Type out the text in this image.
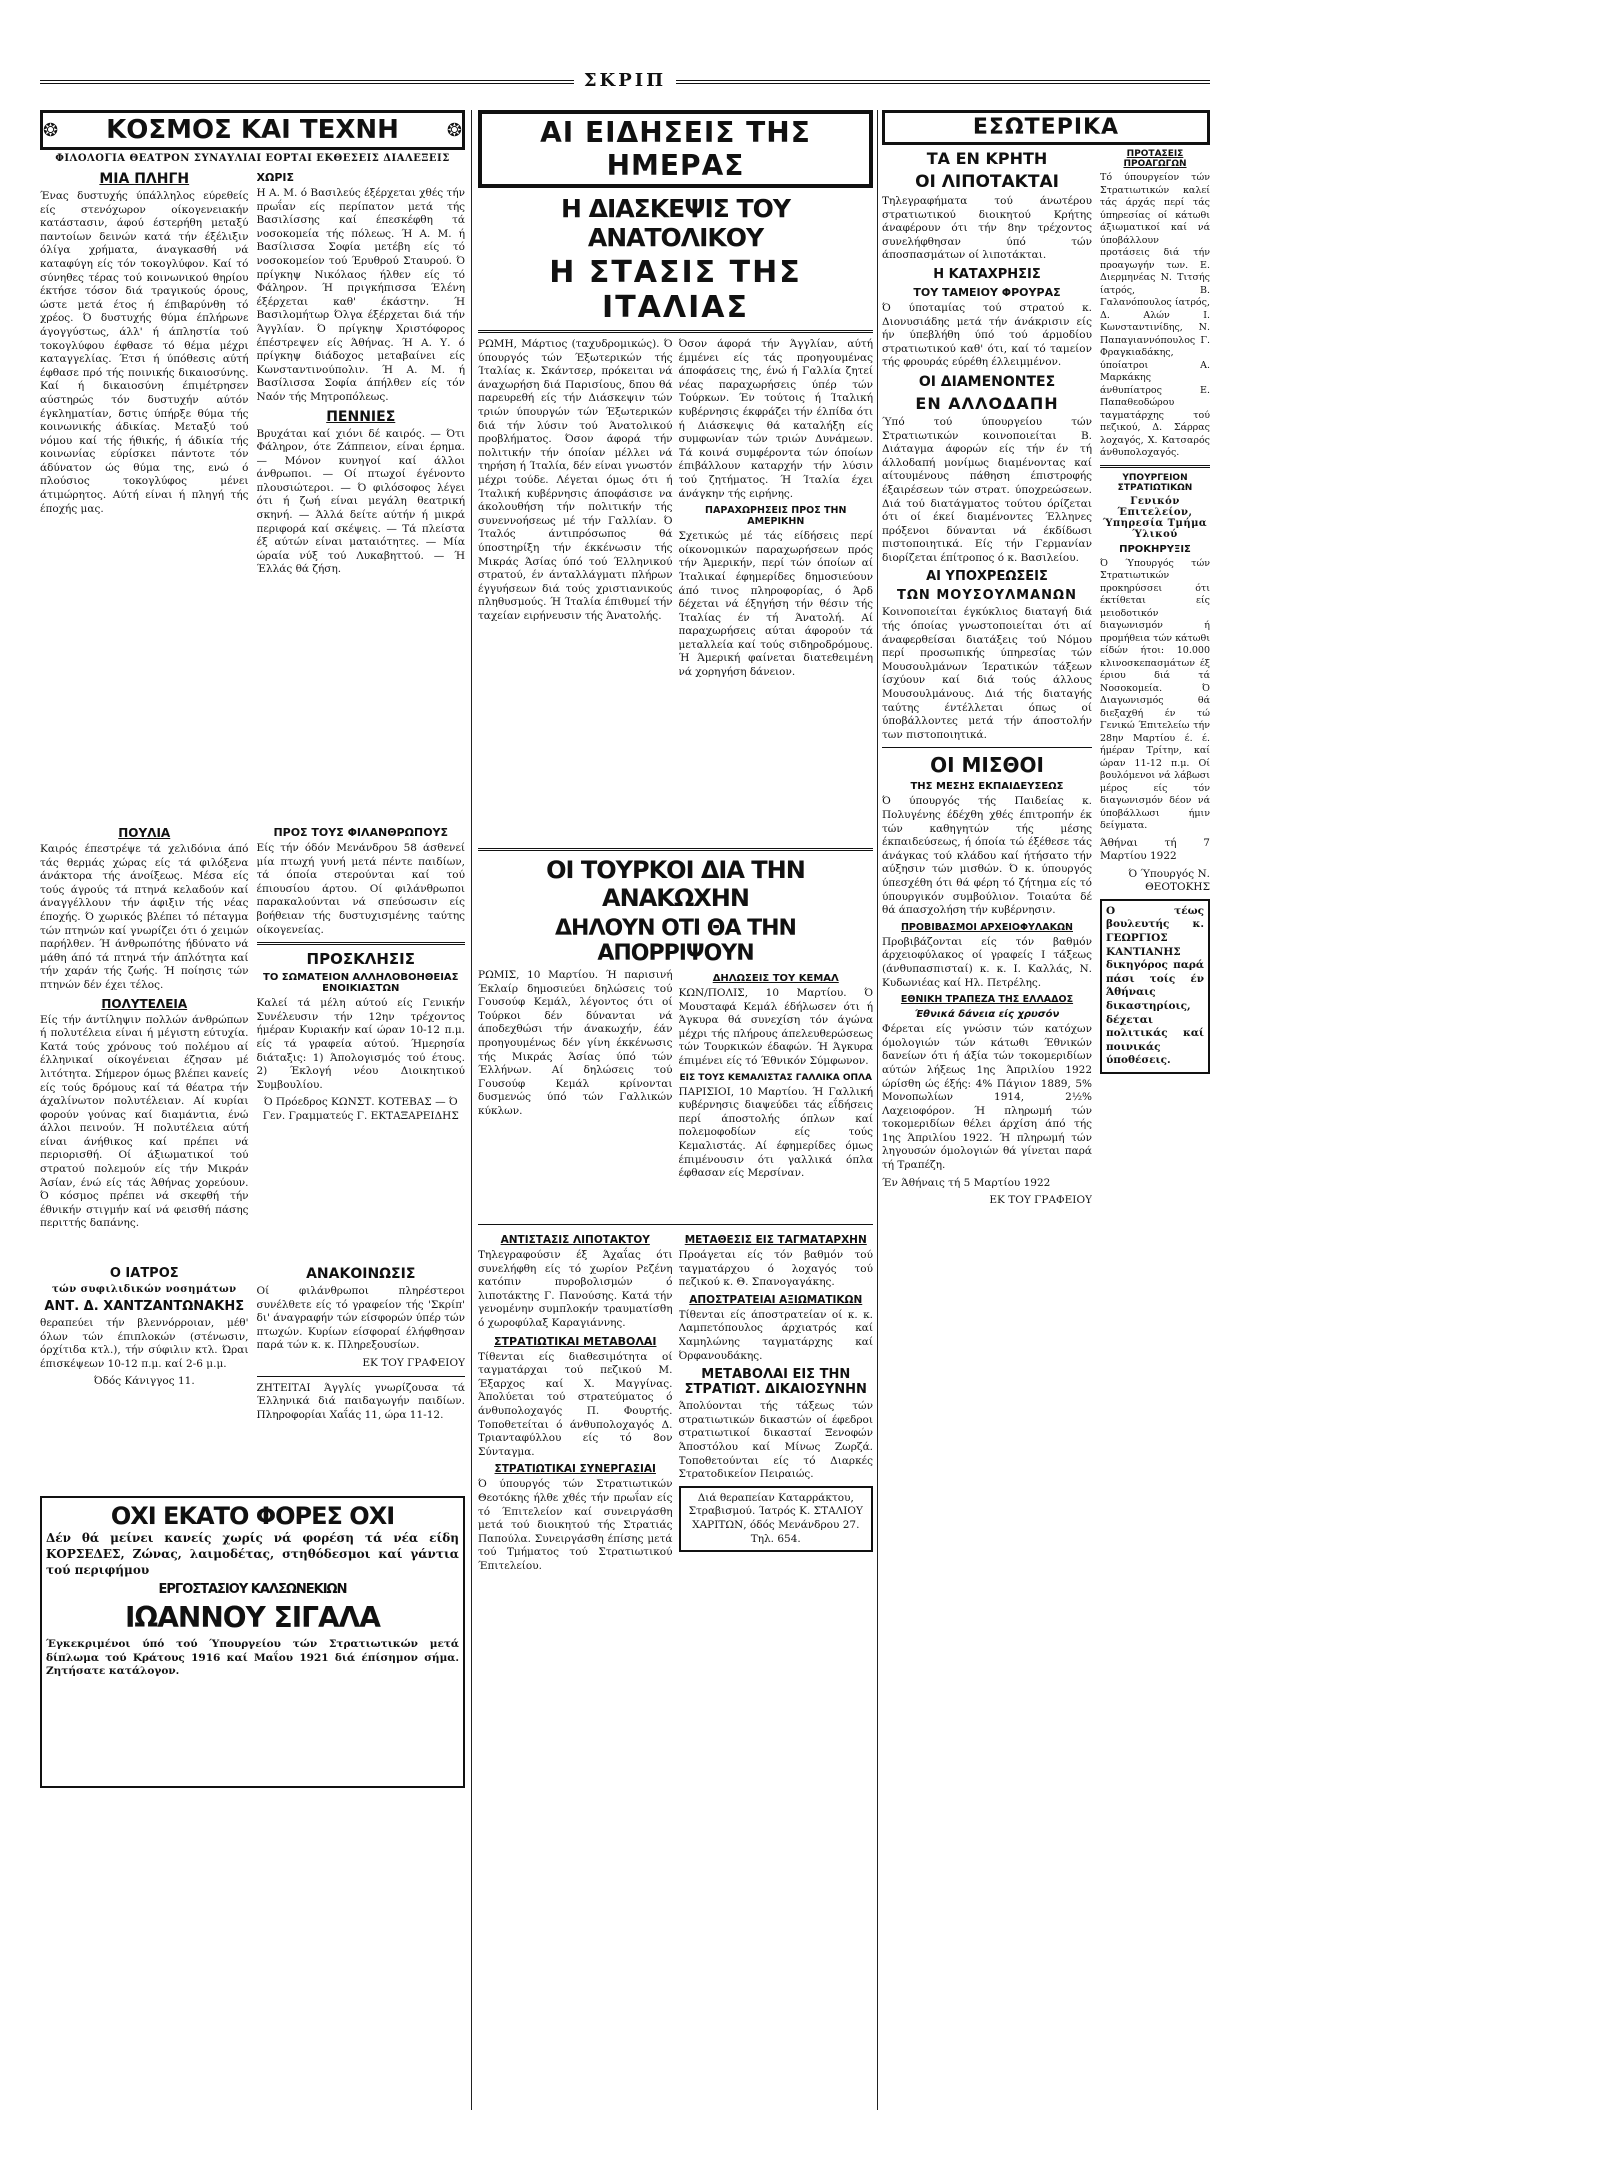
ΣΚΡΙΠ
❂ ΚΟΣΜΟΣ ΚΑΙ ΤΕΧΝΗ	❂
ΦΙΛΟΛΟΓΙΑ ΘΕΑΤΡΟΝ ΣΥΝΑΥΛΙΑΙ ΕΟΡΤΑΙ ΕΚΘΕΣΕΙΣ ΔΙΑΛΕΞΕΙΣ
ΜΙΑ ΠΛΗΓΗ

Ένας δυστυχής ύπάλληλος εύρεθείς είς στενόχωρον οίκογενειακήν κατάστασιν, άφού έστερήθη μεταξύ παντοίων δεινών κατά τήν έξέλιξιν όλίγα χρήματα, άναγκασθή νά καταφύγη είς τόν τοκογλύφον. Καί τό σύνηθες τέρας τού κοινωνικού θηρίου έκτήσε τόσον διά τραγικούς όρους, ώστε μετά έτος ή έπιβαρύνθη τό χρέος. Ό δυστυχής θύμα έπλήρωνε άγογγύστως, άλλ' ή άπληστία τού τοκογλύφου έφθασε τό θέμα μέχρι καταγγελίας. Έτσι ή ύπόθεσις αύτή έφθασε πρό τής ποινικής δικαιοσύνης. Καί ή δικαιοσύνη έπιμέτρησεν αύστηρώς τόν δυστυχήν αύτόν έγκληματίαν, δστις ύπήρξε θύμα τής κοινωνικής άδικίας. Μεταξύ τού νόμου καί τής ήθικής, ή άδικία τής κοινωνίας εύρίσκει πάντοτε τόν άδύνατον ώς θύμα της, ενώ ό πλούσιος τοκογλύφος μένει άτιμώρητος. Αύτή είναι ή πληγή τής έποχής μας.

ΧΩΡΙΣ

Η Α. Μ. ό Βασιλεύς έξέρχεται χθές τήν πρωΐαν είς περίπατον μετά τής Βασιλίσσης καί έπεσκέφθη τά νοσοκομεία τής πόλεως. Ή Α. Μ. ή Βασίλισσα Σοφία μετέβη είς τό νοσοκομείον τού Έρυθρού Σταυρού. Ό πρίγκηψ Νικόλαος ήλθεν είς τό Φάληρον. Ή πριγκήπισσα Έλένη έξέρχεται καθ' έκάστην. Ή Βασιλομήτωρ Όλγα έξέρχεται διά τήν Άγγλίαν. Ό πρίγκηψ Χριστόφορος έπέστρεψεν είς Άθήνας. Ή Α. Υ. ό πρίγκηψ διάδοχος μεταβαίνει είς Κωνσταντινούπολιν. Ή Α. Μ. ή Βασίλισσα Σοφία άπήλθεν είς τόν Ναόν τής Μητροπόλεως.

ΠΕΝΝΙΕΣ

Βρυχάται καί χιόνι δέ καιρός. — Ότι Φάληρον, ότε Ζάππειον, είναι έρημα. — Μόνον κυνηγοί καί άλλοι άνθρωποι. — Οί πτωχοί έγένοντο πλουσιώτεροι. — Ό φιλόσοφος λέγει ότι ή ζωή είναι μεγάλη θεατρική σκηνή. — Άλλά δείτε αύτήν ή μικρά περιφορά καί σκέψεις. — Τά πλείστα έξ αύτών είναι ματαιότητες. — Μία ώραία νύξ τού Λυκαβηττού. — Ή Έλλάς θά ζήση.

ΠΟΥΛΙΑ

Καιρός έπεστρέψε τά χελιδόνια άπό τάς θερμάς χώρας είς τά φιλόξενα άνάκτορα τής άνοίξεως. Μέσα είς τούς άγρούς τά πτηνά κελαδούν καί άναγγέλλουν τήν άφιξιν τής νέας έποχής. Ό χωρικός βλέπει τό πέταγμα τών πτηνών καί γνωρίζει ότι ό χειμών παρήλθεν. Ή άνθρωπότης ήδύνατο νά μάθη άπό τά πτηνά τήν άπλότητα καί τήν χαράν τής ζωής. Ή ποίησις τών πτηνών δέν έχει τέλος.

ΠΟΛΥΤΕΛΕΙΑ

Είς τήν άντίληψιν πολλών άνθρώπων ή πολυτέλεια είναι ή μέγιστη εύτυχία. Κατά τούς χρόνους τού πολέμου αί έλληνικαί οίκογένειαι έζησαν μέ λιτότητα. Σήμερον όμως βλέπει κανείς είς τούς δρόμους καί τά θέατρα τήν άχαλίνωτον πολυτέλειαν. Αί κυρίαι φορούν γούνας καί διαμάντια, ένώ άλλοι πεινούν. Ή πολυτέλεια αύτή είναι άνήθικος καί πρέπει νά περιορισθή. Οί άξιωματικοί τού στρατού πολεμούν είς τήν Μικράν Άσίαν, ένώ είς τάς Άθήνας χορεύουν. Ό κόσμος πρέπει νά σκεφθή τήν έθνικήν στιγμήν καί νά φεισθή πάσης περιττής δαπάνης.

ΠΡΟΣ ΤΟΥΣ ΦΙΛΑΝΘΡΩΠΟΥΣ

Είς τήν όδόν Μενάνδρου 58 άσθενεί μία πτωχή γυνή μετά πέντε παιδίων, τά όποία στερούνται καί τού έπιουσίου άρτου. Οί φιλάνθρωποι παρακαλούνται νά σπεύσωσιν είς βοήθειαν τής δυστυχισμένης ταύτης οίκογενείας.

ΠΡΟΣΚΛΗΣΙΣ
ΤΟ ΣΩΜΑΤΕΙΟΝ ΑΛΛΗΛΟΒΟΗΘΕΙΑΣ ΕΝΟΙΚΙΑΣΤΩΝ

Καλεί τά μέλη αύτού είς Γενικήν Συνέλευσιν τήν 12ην τρέχοντος ήμέραν Κυριακήν καί ώραν 10-12 π.μ. είς τά γραφεία αύτού. Ήμερησία διάταξις: 1) Άπολογισμός τού έτους. 2) Έκλογή νέου Διοικητικού Συμβουλίου.

Ό Πρόεδρος ΚΩΝΣΤ. ΚΟΤΕΒΑΣ — Ό Γεν. Γραμματεύς Γ. ΕΚΤΑΞΑΡΕΙΔΗΣ

Ο ΙΑΤΡΟΣ
τών συφιλιδικών νοσημάτων
ΑΝΤ. Δ. ΧΑΝΤΖΑΝΤΩΝΑΚΗΣ

θεραπεύει τήν βλεννόρροιαν, μέθ' όλων τών έπιπλοκών (στένωσιν, όρχίτιδα κτλ.), τήν σύφιλιν κτλ. Ώραι έπισκέψεων 10-12 π.μ. καί 2-6 μ.μ.

Όδός Κάνιγγος 11.

ΑΝΑΚΟΙΝΩΣΙΣ

Οί φιλάνθρωποι πληρέστεροι συνέλθετε είς τό γραφείον τής 'Σκρίπ' δι' άναγραφήν τών είσφορών ύπέρ τών πτωχών. Κυρίων είσφοραί έλήφθησαν παρά τών κ. κ. Πληρεξουσίων.

ΕΚ ΤΟΥ ΓΡΑΦΕΙΟΥ

ΖΗΤΕΙΤΑΙ Άγγλίς γνωρίζουσα τά Έλληνικά διά παιδαγωγήν παιδίων. Πληροφορίαι Χαΐάς 11, ώρα 11-12.

ΟΧΙ ΕΚΑΤΟ ΦΟΡΕΣ ΟΧΙ

Δέν θά μείνει κανείς χωρίς νά φορέση τά νέα είδη ΚΟΡΣΕΔΕΣ, Ζώνας, λαιμοδέτας, στηθόδεσμοι καί γάντια τού περιφήμου

ΕΡΓΟΣΤΑΣΙΟΥ ΚΑΛΣΩΝΕΚΙΩΝ
ΙΩΑΝΝΟΥ ΣΙΓΑΛΑ

Έγκεκριμένοι ύπό τού Ύπουργείου τών Στρατιωτικών μετά δίπλωμα τού Κράτους 1916 καί Μαΐου 1921 διά έπίσημον σήμα. Ζητήσατε κατάλογον.

ΑΙ ΕΙΔΗΣΕΙΣ ΤΗΣ ΗΜΕΡΑΣ
Η ΔΙΑΣΚΕΨΙΣ ΤΟΥ ΑΝΑΤΟΛΙΚΟΥ
Η ΣΤΑΣΙΣ ΤΗΣ ΙΤΑΛΙΑΣ

ΡΩΜΗ, Μάρτιος (ταχυδρομικώς). Ό ύπουργός τών Έξωτερικών τής Ίταλίας κ. Σκάντσερ, πρόκειται νά άναχωρήση διά Παρισίους, δπου θά παρευρεθή είς τήν Διάσκεψιν τών τριών ύπουργών τών Έξωτερικών διά τήν λύσιν τού Άνατολικού προβλήματος. Όσον άφορά τήν πολιτικήν τήν όποίαν μέλλει νά τηρήση ή Ίταλία, δέν είναι γνωστόν μέχρι τούδε. Λέγεται όμως ότι ή Ίταλική κυβέρνησις άποφάσισε να άκολουθήση τήν πολιτικήν τής συνεννοήσεως μέ τήν Γαλλίαν. Ό Ίταλός άντιπρόσωπος θά ύποστηρίξη τήν έκκένωσιν τής Μικράς Άσίας ύπό τού Έλληνικού στρατού, έν άνταλλάγματι πλήρων έγγυήσεων διά τούς χριστιανικούς πληθυσμούς. Ή Ίταλία έπιθυμεί τήν ταχείαν ειρήνευσιν τής Άνατολής.

Όσον άφορά τήν Άγγλίαν, αύτή έμμένει είς τάς προηγουμένας άποφάσεις της, ένώ ή Γαλλία ζητεί νέας παραχωρήσεις ύπέρ τών Τούρκων. Έν τούτοις ή Ίταλική κυβέρνησις έκφράζει τήν έλπίδα ότι ή Διάσκεψις θά καταλήξη είς συμφωνίαν τών τριών Δυνάμεων. Τά κοινά συμφέροντα τών όποίων έπιβάλλουν καταρχήν τήν λύσιν τού ζητήματος. Ή Ίταλία έχει άνάγκην τής ειρήνης.

ΠΑΡΑΧΩΡΗΣΕΙΣ ΠΡΟΣ ΤΗΝ ΑΜΕΡΙΚΗΝ

Σχετικώς μέ τάς είδήσεις περί οίκονομικών παραχωρήσεων πρός τήν Άμερικήν, περί τών όποίων αί Ίταλικαί έφημερίδες δημοσιεύουν άπό τινος πληροφορίας, ό Άρδ δέχεται νά έξηγήση τήν θέσιν τής Ίταλίας έν τή Άνατολή. Αί παραχωρήσεις αύται άφορούν τά μεταλλεία καί τούς σιδηροδρόμους. Ή Άμερική φαίνεται διατεθειμένη νά χορηγήση δάνειον.

ΟΙ ΤΟΥΡΚΟΙ ΔΙΑ ΤΗΝ ΑΝΑΚΩΧΗΝ
ΔΗΛΟΥΝ ΟΤΙ ΘΑ ΤΗΝ ΑΠΟΡΡΙΨΟΥΝ

ΡΩΜΙΣ, 10 Μαρτίου. Ή παρισινή Έκλαίρ δημοσιεύει δηλώσεις τού Γουσούφ Κεμάλ, λέγοντος ότι οί Τούρκοι δέν δύνανται νά άποδεχθώσι τήν άνακωχήν, έάν προηγουμένως δέν γίνη έκκένωσις τής Μικράς Άσίας ύπό τών Έλλήνων. Αί δηλώσεις τού Γουσούφ Κεμάλ κρίνονται δυσμενώς ύπό τών Γαλλικών κύκλων.

ΔΗΛΩΣΕΙΣ ΤΟΥ ΚΕΜΑΛ

ΚΩΝ/ΠΟΛΙΣ, 10 Μαρτίου. Ό Μουσταφά Κεμάλ έδήλωσεν ότι ή Άγκυρα θά συνεχίση τόν άγώνα μέχρι τής πλήρους άπελευθερώσεως τών Τουρκικών έδαφών. Ή Άγκυρα έπιμένει είς τό Έθνικόν Σύμφωνον.

ΕΙΣ ΤΟΥΣ ΚΕΜΑΛΙΣΤΑΣ ΓΑΛΛΙΚΑ ΟΠΛΑ

ΠΑΡΙΣΙΟΙ, 10 Μαρτίου. Ή Γαλλική κυβέρνησις διαψεύδει τάς εΐδήσεις περί άποστολής όπλων καί πολεμοφοδίων είς τούς Κεμαλιστάς. Αί έφημερίδες όμως έπιμένουσιν ότι γαλλικά όπλα έφθασαν είς Μερσίναν.

ΑΝΤΙΣΤΑΣΙΣ ΛΙΠΟΤΑΚΤΟΥ

Τηλεγραφούσιν έξ Άχαΐας ότι συνελήφθη είς τό χωρίον Ρεζένη κατόπιν πυροβολισμών ό λιποτάκτης Γ. Πανούσης. Κατά τήν γενομένην συμπλοκήν τραυματίσθη ό χωροφύλαξ Καραγιάννης.

ΣΤΡΑΤΙΩΤΙΚΑΙ ΜΕΤΑΒΟΛΑΙ

Τίθενται είς διαθεσιμότητα οί ταγματάρχαι τού πεζικού Μ. Έξαρχος καί Χ. Μαγγίνας. Άπολύεται τού στρατεύματος ό άνθυπολοχαγός Π. Φουρτής. Τοποθετείται ό άνθυπολοχαγός Δ. Τριανταφύλλου είς τό 8ον Σύνταγμα.

ΣΤΡΑΤΙΩΤΙΚΑΙ ΣΥΝΕΡΓΑΣΙΑΙ

Ό ύπουργός τών Στρατιωτικών Θεοτόκης ήλθε χθές τήν πρωΐαν είς τό Έπιτελείον καί συνειργάσθη μετά τού διοικητού τής Στρατιάς Παπούλα. Συνειργάσθη έπίσης μετά τού Τμήματος τού Στρατιωτικού Έπιτελείου.

ΜΕΤΑΘΕΣΙΣ ΕΙΣ ΤΑΓΜΑΤΑΡΧΗΝ

Προάγεται είς τόν βαθμόν τού ταγματάρχου ό λοχαγός τού πεζικού κ. Θ. Σπανογαγάκης.

ΑΠΟΣΤΡΑΤΕΙΑΙ ΑΞΙΩΜΑΤΙΚΩΝ

Τίθενται είς άποστρατείαν οί κ. κ. Λαμπετόπουλος άρχιατρός καί Χαμηλώνης ταγματάρχης καί Όρφανουδάκης.

ΜΕΤΑΒΟΛΑΙ ΕΙΣ ΤΗΝ ΣΤΡΑΤΙΩΤ. ΔΙΚΑΙΟΣΥΝΗΝ

Άπολύονται τής τάξεως τών στρατιωτικών δικαστών οί έφεδροι στρατιωτικοί δικασταί Ξενοφών Άποστόλου καί Μίνως Ζωρζά. Τοποθετούνται είς τό Διαρκές Στρατοδικείον Πειραιώς.

Διά θεραπείαν Καταρράκτου, Στραβισμού. Ίατρός Κ. ΣΤΑΛΙΟΥ ΧΑΡΙΤΩΝ, όδός Μενάνδρου 27. Τηλ. 654.

ΕΣΩΤΕΡΙΚΑ
ΤΑ ΕΝ ΚΡΗΤΗ
ΟΙ ΛΙΠΟΤΑΚΤΑΙ

Τηλεγραφήματα τού άνωτέρου στρατιωτικού διοικητού Κρήτης άναφέρουν ότι τήν 8ην τρέχοντος συνελήφθησαν ύπό τών άποσπασμάτων οί λιποτάκται.

Η ΚΑΤΑΧΡΗΣΙΣ
ΤΟΥ ΤΑΜΕΙΟΥ ΦΡΟΥΡΑΣ

Ό ύποταμίας τού στρατού κ. Διονυσιάδης μετά τήν άνάκρισιν είς ήν ύπεβλήθη ύπό τού άρμοδίου στρατιωτικού καθ' ότι, καί τό ταμείον τής φρουράς εύρέθη έλλειμμένον.

ΟΙ ΔΙΑΜΕΝΟΝΤΕΣ
ΕΝ ΑΛΛΟΔΑΠΗ

Ύπό τού ύπουργείου τών Στρατιωτικών κοινοποιείται Β. Διάταγμα άφορών είς τήν έν τή άλλοδαπή μονίμως διαμένοντας καί αίτουμένους πάθηση έπιστροφής έξαιρέσεων τών στρατ. ύποχρεώσεων. Διά τού διατάγματος τούτου όρίζεται ότι οί έκεί διαμένοντες Έλληνες πρόξενοι δύνανται νά έκδίδωσι πιστοποιητικά. Είς τήν Γερμανίαν διορίζεται έπίτροπος ό κ. Βασιλείου.

ΑΙ ΥΠΟΧΡΕΩΣΕΙΣ
ΤΩΝ ΜΟΥΣΟΥΛΜΑΝΩΝ

Κοινοποιείται έγκύκλιος διαταγή διά τής όποίας γνωστοποιείται ότι αί άναφερθείσαι διατάξεις τού Νόμου περί προσωπικής ύπηρεσίας τών Μουσουλμάνων Ίερατικών τάξεων ίσχύουν καί διά τούς άλλους Μουσουλμάνους. Διά τής διαταγής ταύτης έντέλλεται όπως οί ύποβάλλοντες μετά τήν άποστολήν των πιστοποιητικά.

ΟΙ ΜΙΣΘΟΙ
ΤΗΣ ΜΕΣΗΣ ΕΚΠΑΙΔΕΥΣΕΩΣ

Ό ύπουργός τής Παιδείας κ. Πολυγένης έδέχθη χθές έπιτροπήν έκ τών καθηγητών τής μέσης έκπαιδεύσεως, ή όποία τώ έξέθεσε τάς άνάγκας τού κλάδου καί ήτήσατο τήν αύξησιν τών μισθών. Ό κ. ύπουργός ύπεσχέθη ότι θά φέρη τό ζήτημα είς τό ύπουργικόν συμβούλιον. Τοιαύτα δέ θά άπασχολήση τήν κυβέρνησιν.

ΠΡΟΒΙΒΑΣΜΟΙ ΑΡΧΕΙΟΦΥΛΑΚΩΝ

Προβιβάζονται είς τόν βαθμόν άρχειοφύλακος οί γραφείς Ι τάξεως (άνθυπασπισταί) κ. κ. Ι. Καλλάς, Ν. Κυδωνιέας καί Ηλ. Πετρέλης.

ΕΘΝΙΚΗ ΤΡΑΠΕΖΑ ΤΗΣ ΕΛΛΑΔΟΣ
Έθνικά δάνεια είς χρυσόν

Φέρεται είς γνώσιν τών κατόχων όμολογιών τών κάτωθι Έθνικών δανείων ότι ή άξία τών τοκομεριδίων αύτών λήξεως 1ης Άπριλίου 1922 ώρίσθη ώς έξής: 4% Πάγιον 1889, 5% Μονοπωλίων 1914, 2½% Λαχειοφόρον. Ή πληρωμή τών τοκομεριδίων θέλει άρχίση άπό τής 1ης Άπριλίου 1922. Ή πληρωμή τών ληγουσών όμολογιών θά γίνεται παρά τή Τραπέζη.

Έν Άθήναις τή 5 Μαρτίου 1922

ΕΚ ΤΟΥ ΓΡΑΦΕΙΟΥ

ΠΡΟΤΑΣΕΙΣ ΠΡΟΑΓΩΓΩΝ

Τό ύπουργείον τών Στρατιωτικών καλεί τάς άρχάς περί τάς ύπηρεσίας οί κάτωθι άξιωματικοί καί νά ύποβάλλουν προτάσεις διά τήν προαγωγήν των. Ε. Διερμηνέας Ν. Τιτσής ίατρός, Β. Γαλανόπουλος ίατρός, Δ. Αλών Ι. Κωνσταντινίδης, Ν. Παπαγιαννόπουλος Γ. Φραγκιαδάκης, ύποίατροι Α. Μαρκάκης άνθυπίατρος Ε. Παπαθεοδώρου ταγματάρχης τού πεζικού, Δ. Σάρρας λοχαγός, Χ. Κατσαρός άνθυπολοχαγός.

ΥΠΟΥΡΓΕΙΟΝ ΣΤΡΑΤΙΩΤΙΚΩΝ
Γενικόν Έπιτελείον, Ύπηρεσία Τμήμα Ύλικού
ΠΡΟΚΗΡΥΞΙΣ

Ό Ύπουργός τών Στρατιωτικών προκηρύσσει ότι έκτίθεται είς μειοδοτικόν διαγωνισμόν ή προμήθεια τών κάτωθι είδών ήτοι: 10.000 κλινοσκεπασμάτων έξ έριου διά τά Νοσοκομεία. Ό Διαγωνισμός θά διεξαχθή έν τώ Γενικώ Έπιτελείω τήν 28ην Μαρτίου έ. έ. ήμέραν Τρίτην, καί ώραν 11-12 π.μ. Οί βουλόμενοι νά λάβωσι μέρος είς τόν διαγωνισμόν δέον νά ύποβάλλωσι ήμιν δείγματα.

Άθήναι τή 7 Μαρτίου 1922

Ό Ύπουργός Ν. ΘΕΟΤΟΚΗΣ

Ο τέως βουλευτής κ. ΓΕΩΡΓΙΟΣ ΚΑΝΤΙΑΝΗΣ δικηγόρος παρά πάσι τοίς έν Άθήναις δικαστηρίοις, δέχεται πολιτικάς καί ποινικάς ύποθέσεις.
